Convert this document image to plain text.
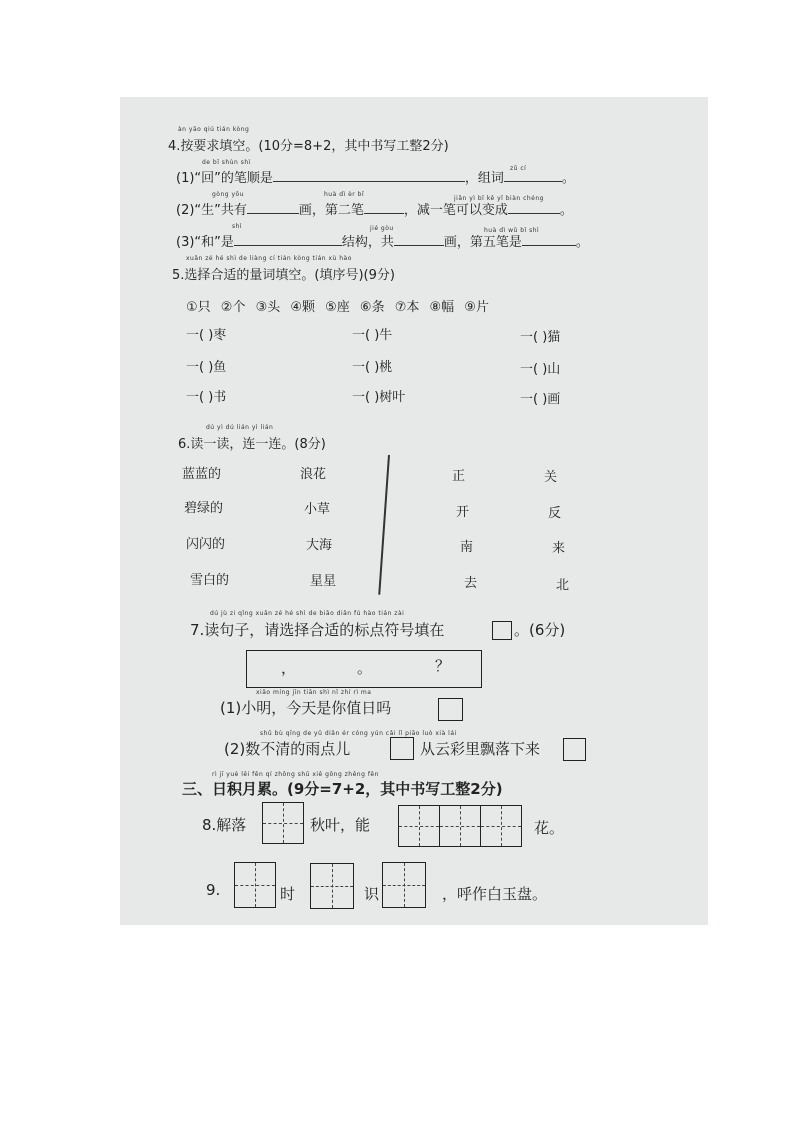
àn yāo qiú tián kòng
4.按要求填空。(10分=8+2，其中书写工整2分)
de bǐ shùn shì
zǔ cí
(1)“回”的笔顺是	，组词	。
gòng yǒu	huà dì èr bǐ
jiǎn yì bǐ kě yǐ biàn chéng
(2)“生”共有	画，第二笔	，减一笔可以变成	。
shì	jié gòu	huà dì wǔ bǐ shì
(3)“和”是	结构，共	画，第五笔是	。
xuǎn zé hé shì de liàng cí tián kòng tián xù hào
5.选择合适的量词填空。(填序号)(9分)
①只 ②个 ③头 ④颗 ⑤座 ⑥条 ⑦本 ⑧幅 ⑨片
一( )枣	一( )牛	一( )猫
一( )鱼	一( )桃	一( )山
一( )书	一( )树叶	一( )画
dú yì dú lián yì lián
6.读一读，连一连。(8分)
蓝蓝的
碧绿的
闪闪的
雪白的
浪花
小草
大海
星星
正
开
南
去
关
反
来
北
dú jù zi qǐng xuǎn zé hé shì de biāo diǎn fú hào tián zài
7.读句子，请选择合适的标点符号填在	。(6分)
，	。	？
xiǎo míng jīn tiān shì nǐ zhí rì ma
(1)小明，今天是你值日吗
shǔ bù qīng de yǔ diǎn ér cóng yún cǎi lǐ piāo luò xià lái
(2)数不清的雨点儿	从云彩里飘落下来
rì jī yuè lěi fēn qí zhōng shū xiě gōng zhěng fēn
三、日积月累。(9分=7+2，其中书写工整2分)
8.解落	秋叶，能	花。
9.	时	识	，呼作白玉盘。
